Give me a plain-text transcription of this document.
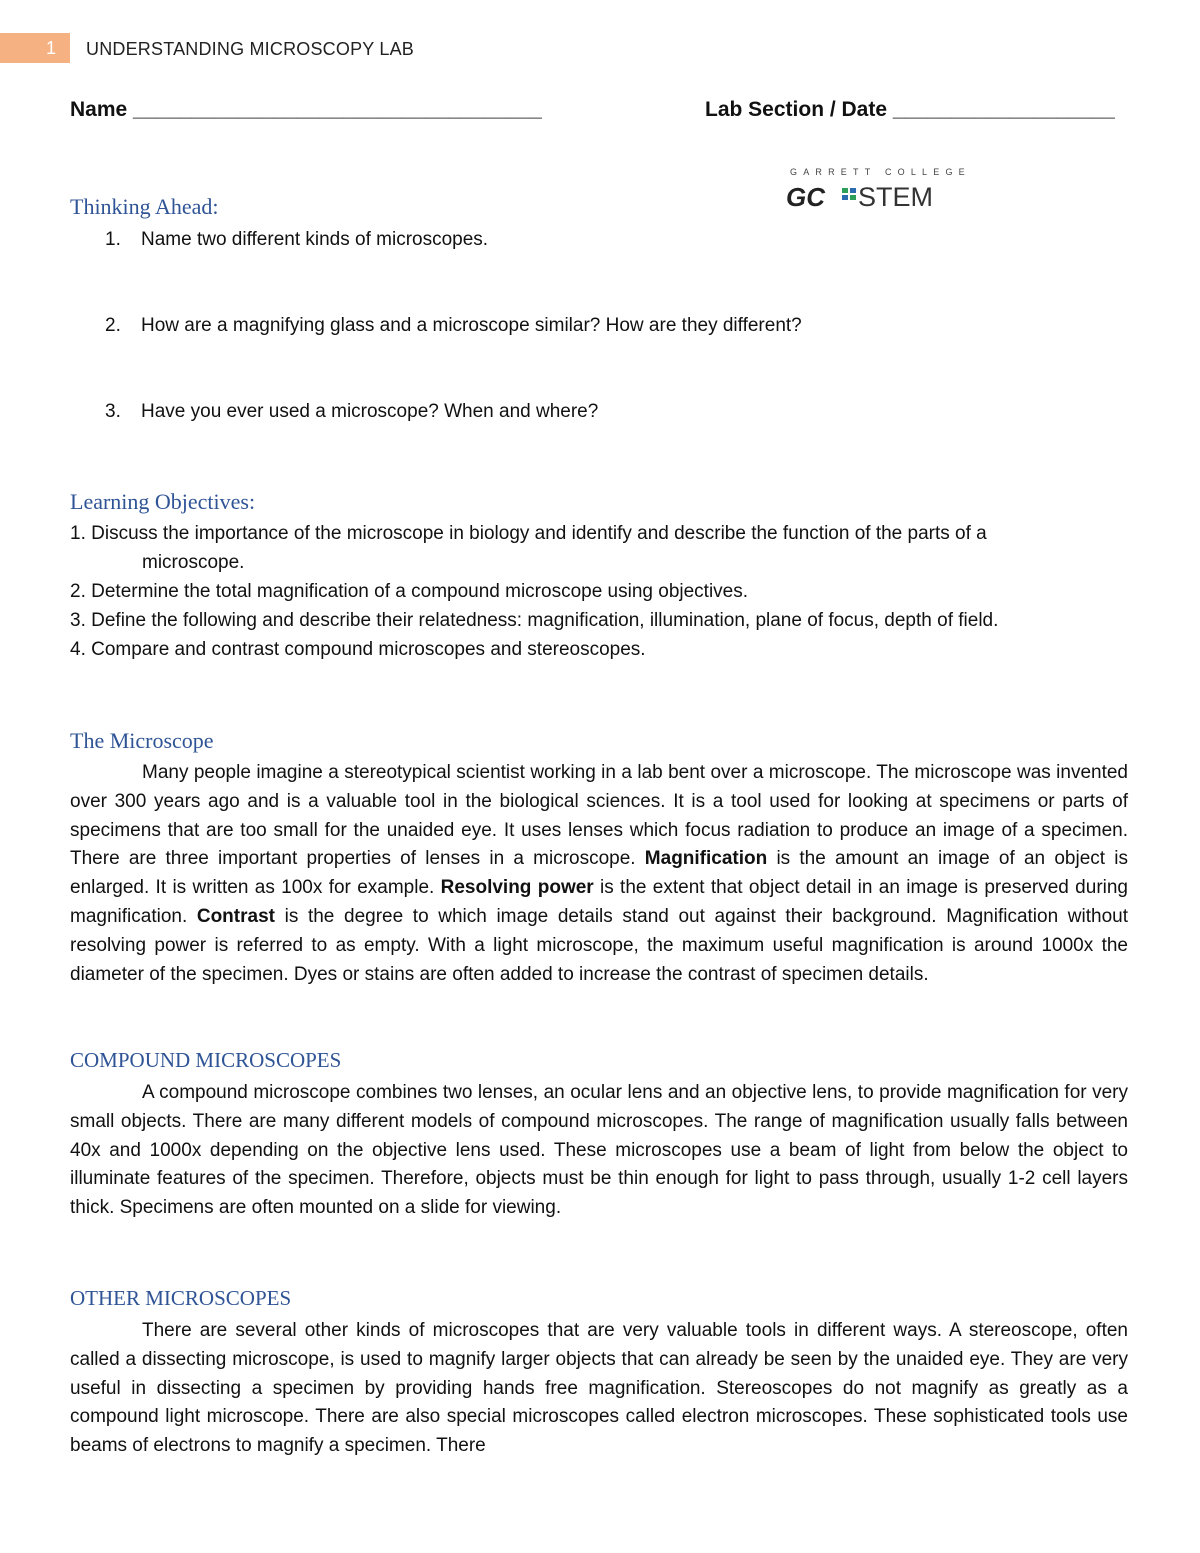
1	UNDERSTANDING MICROSCOPY LAB
Name ___________________________________	Lab Section / Date ___________________
GARRETT COLLEGE
GC STEM
Thinking Ahead:
1. Name two different kinds of microscopes.
2. How are a magnifying glass and a microscope similar? How are they different?
3. Have you ever used a microscope? When and where?
Learning Objectives:
1. Discuss the importance of the microscope in biology and identify and describe the function of the parts of a
microscope.
2. Determine the total magnification of a compound microscope using objectives.
3. Define the following and describe their relatedness: magnification, illumination, plane of focus, depth of field.
4. Compare and contrast compound microscopes and stereoscopes.
The Microscope

Many people imagine a stereotypical scientist working in a lab bent over a microscope. The microscope was invented over 300 years ago and is a valuable tool in the biological sciences. It is a tool used for looking at specimens or parts of specimens that are too small for the unaided eye. It uses lenses which focus radiation to produce an image of a specimen. There are three important properties of lenses in a microscope. Magnification is the amount an image of an object is enlarged. It is written as 100x for example. Resolving power is the extent that object detail in an image is preserved during magnification. Contrast is the degree to which image details stand out against their background. Magnification without resolving power is referred to as empty. With a light microscope, the maximum useful magnification is around 1000x the diameter of the specimen. Dyes or stains are often added to increase the contrast of specimen details.

COMPOUND MICROSCOPES

A compound microscope combines two lenses, an ocular lens and an objective lens, to provide magnification for very small objects. There are many different models of compound microscopes. The range of magnification usually falls between 40x and 1000x depending on the objective lens used. These microscopes use a beam of light from below the object to illuminate features of the specimen. Therefore, objects must be thin enough for light to pass through, usually 1-2 cell layers thick. Specimens are often mounted on a slide for viewing.

OTHER MICROSCOPES

There are several other kinds of microscopes that are very valuable tools in different ways. A stereoscope, often called a dissecting microscope, is used to magnify larger objects that can already be seen by the unaided eye. They are very useful in dissecting a specimen by providing hands free magnification. Stereoscopes do not magnify as greatly as a compound light microscope. There are also special microscopes called electron microscopes. These sophisticated tools use beams of electrons to magnify a specimen. There
